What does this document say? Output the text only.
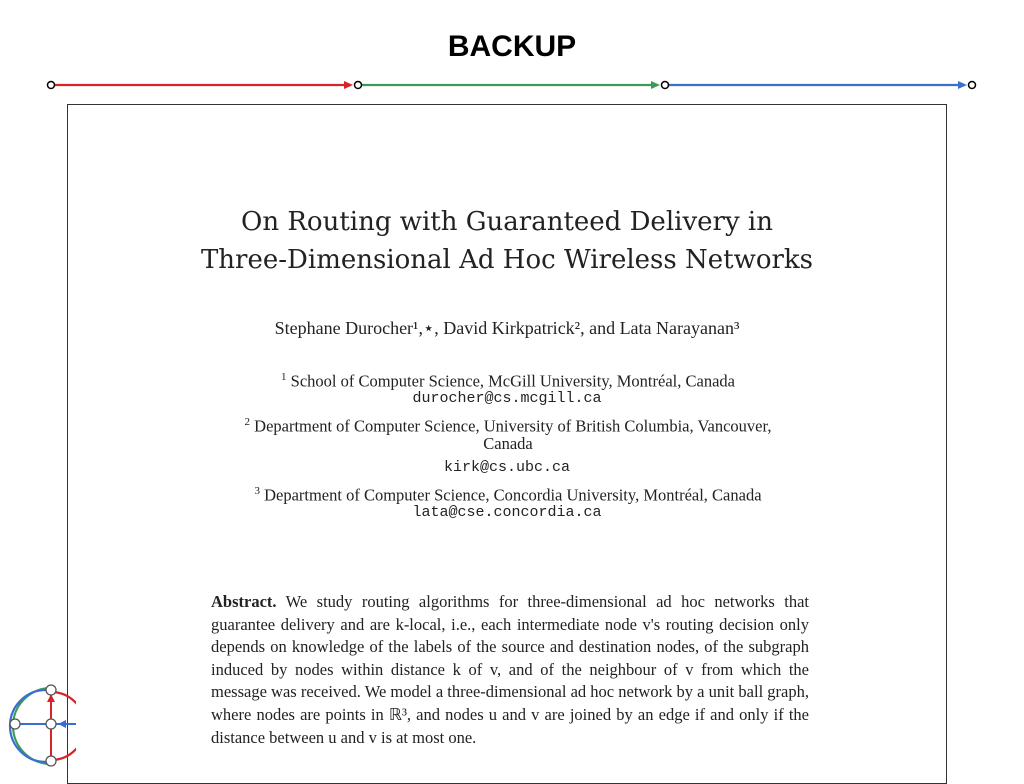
BACKUP
On Routing with Guaranteed Delivery in
Three-Dimensional Ad Hoc Wireless Networks
Stephane Durocher¹,⋆, David Kirkpatrick², and Lata Narayanan³
$^1$ School of Computer Science, McGill University, Montréal, Canada
durocher@cs.mcgill.ca
$^2$ Department of Computer Science, University of British Columbia, Vancouver,
Canada
kirk@cs.ubc.ca
$^3$ Department of Computer Science, Concordia University, Montréal, Canada
lata@cse.concordia.ca
Abstract. We study routing algorithms for three-dimensional ad hoc networks that guarantee delivery and are k-local, i.e., each intermediate node v's routing decision only depends on knowledge of the labels of the source and destination nodes, of the subgraph induced by nodes within distance k of v, and of the neighbour of v from which the message was received. We model a three-dimensional ad hoc network by a unit ball graph, where nodes are points in ℝ³, and nodes u and v are joined by an edge if and only if the distance between u and v is at most one.
